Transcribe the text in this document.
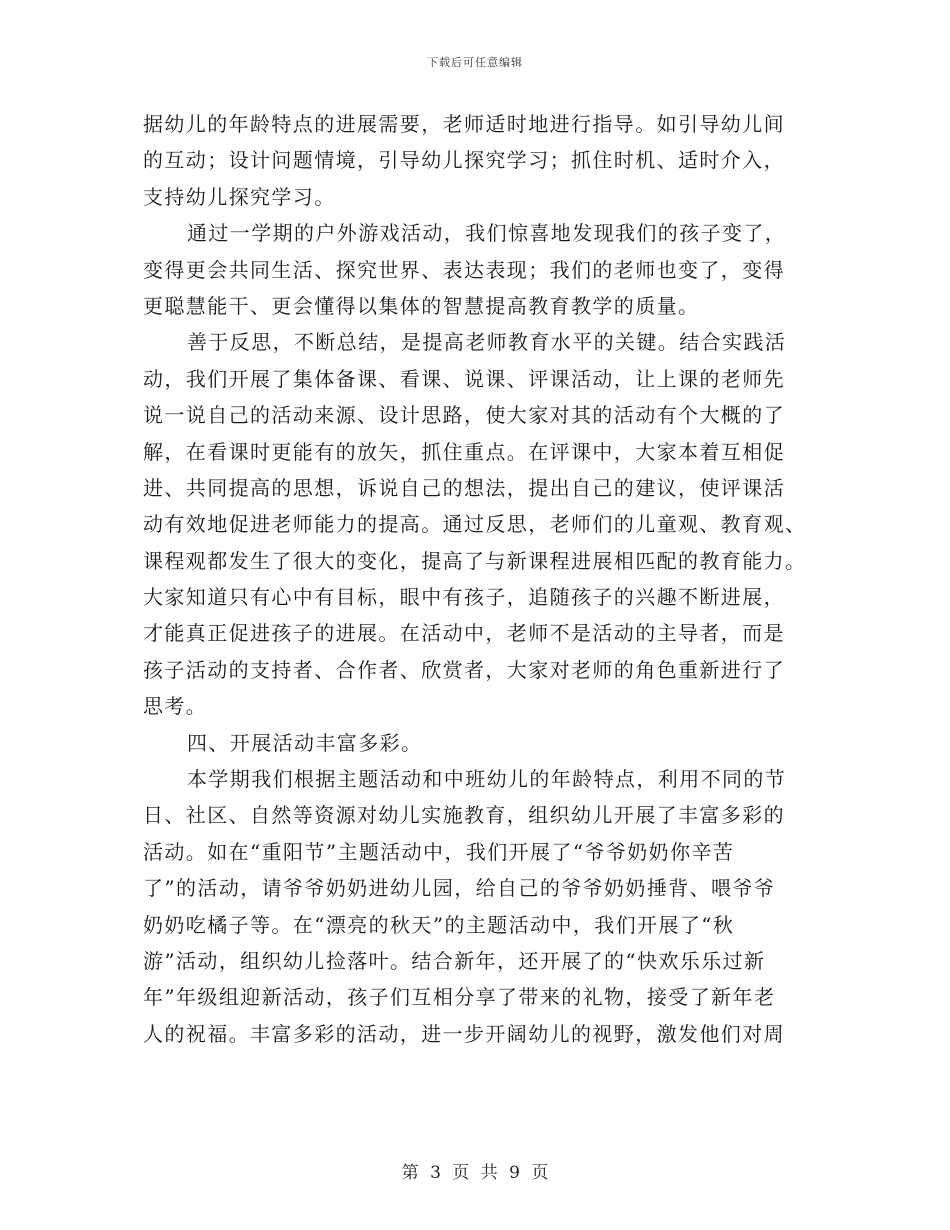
下载后可任意编辑
据幼儿的年龄特点的进展需要，老师适时地进行指导。如引导幼儿间
的互动；设计问题情境，引导幼儿探究学习；抓住时机、适时介入，
支持幼儿探究学习。
通过一学期的户外游戏活动，我们惊喜地发现我们的孩子变了，
变得更会共同生活、探究世界、表达表现；我们的老师也变了，变得
更聪慧能干、更会懂得以集体的智慧提高教育教学的质量。
善于反思，不断总结，是提高老师教育水平的关键。结合实践活
动，我们开展了集体备课、看课、说课、评课活动，让上课的老师先
说一说自己的活动来源、设计思路，使大家对其的活动有个大概的了
解，在看课时更能有的放矢，抓住重点。在评课中，大家本着互相促
进、共同提高的思想，诉说自己的想法，提出自己的建议，使评课活
动有效地促进老师能力的提高。通过反思，老师们的儿童观、教育观、
课程观都发生了很大的变化，提高了与新课程进展相匹配的教育能力。
大家知道只有心中有目标，眼中有孩子，追随孩子的兴趣不断进展，
才能真正促进孩子的进展。在活动中，老师不是活动的主导者，而是
孩子活动的支持者、合作者、欣赏者，大家对老师的角色重新进行了
思考。
四、开展活动丰富多彩。
本学期我们根据主题活动和中班幼儿的年龄特点，利用不同的节
日、社区、自然等资源对幼儿实施教育，组织幼儿开展了丰富多彩的
活动。如在“重阳节”主题活动中，我们开展了“爷爷奶奶你辛苦
了”的活动，请爷爷奶奶进幼儿园，给自己的爷爷奶奶捶背、喂爷爷
奶奶吃橘子等。在“漂亮的秋天”的主题活动中，我们开展了“秋
游”活动，组织幼儿捡落叶。结合新年，还开展了的“快欢乐乐过新
年”年级组迎新活动，孩子们互相分享了带来的礼物，接受了新年老
人的祝福。丰富多彩的活动，进一步开阔幼儿的视野，激发他们对周
第 3 页 共 9 页
